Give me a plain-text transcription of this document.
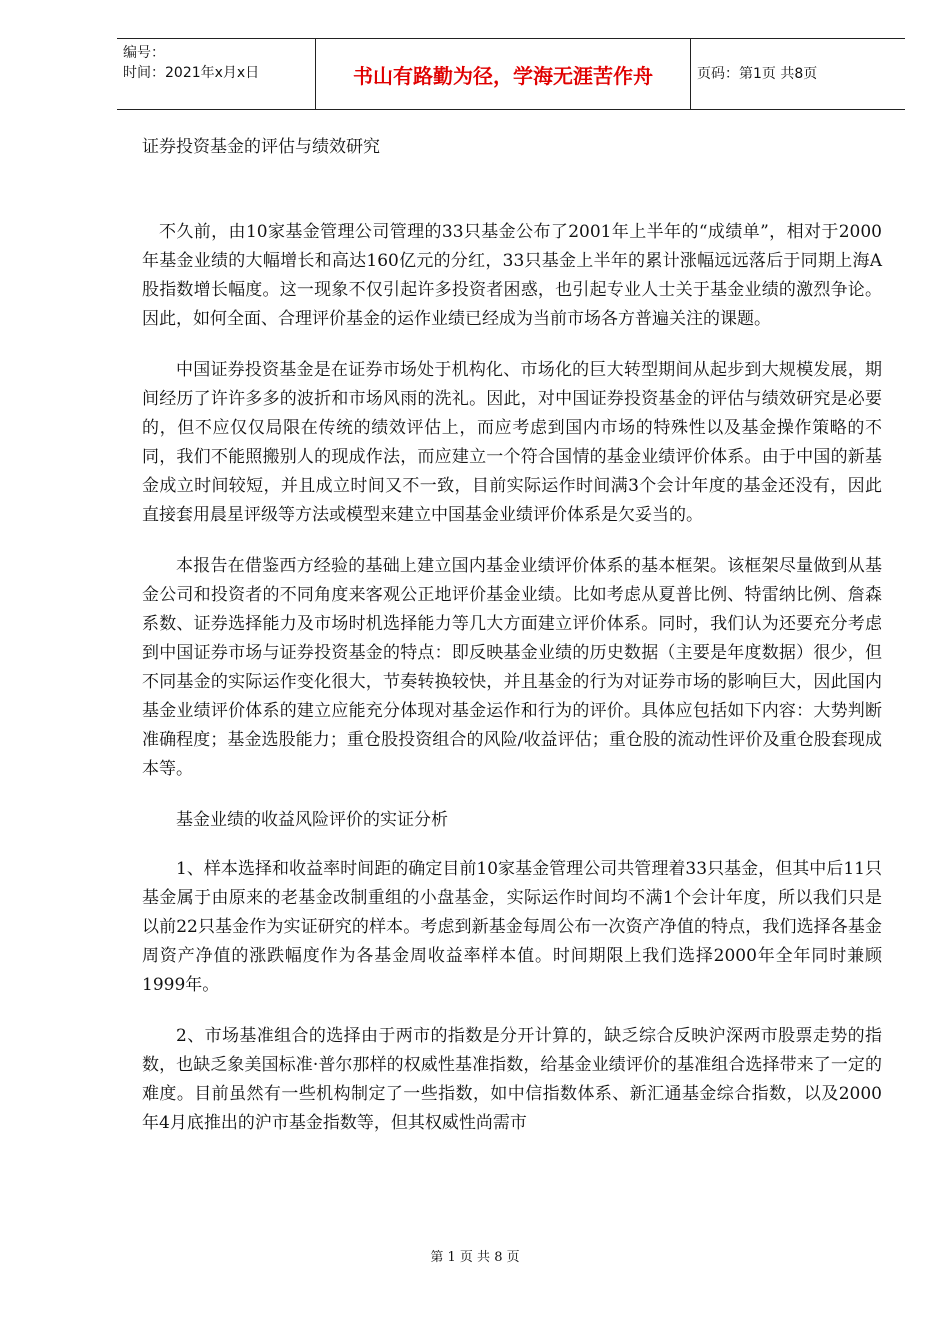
编号：
时间：2021年x月x日	书山有路勤为径，学海无涯苦作舟	页码：第1页 共8页
证券投资基金的评估与绩效研究

不久前，由10家基金管理公司管理的33只基金公布了2001年上半年的“成绩单”，相对于2000年基金业绩的大幅增长和高达160亿元的分红，33只基金上半年的累计涨幅远远落后于同期上海A股指数增长幅度。这一现象不仅引起许多投资者困惑，也引起专业人士关于基金业绩的激烈争论。因此，如何全面、合理评价基金的运作业绩已经成为当前市场各方普遍关注的课题。

中国证券投资基金是在证券市场处于机构化、市场化的巨大转型期间从起步到大规模发展，期间经历了许许多多的波折和市场风雨的洗礼。因此，对中国证券投资基金的评估与绩效研究是必要的，但不应仅仅局限在传统的绩效评估上，而应考虑到国内市场的特殊性以及基金操作策略的不同，我们不能照搬别人的现成作法，而应建立一个符合国情的基金业绩评价体系。由于中国的新基金成立时间较短，并且成立时间又不一致，目前实际运作时间满3个会计年度的基金还没有，因此直接套用晨星评级等方法或模型来建立中国基金业绩评价体系是欠妥当的。

本报告在借鉴西方经验的基础上建立国内基金业绩评价体系的基本框架。该框架尽量做到从基金公司和投资者的不同角度来客观公正地评价基金业绩。比如考虑从夏普比例、特雷纳比例、詹森系数、证券选择能力及市场时机选择能力等几大方面建立评价体系。同时，我们认为还要充分考虑到中国证券市场与证券投资基金的特点：即反映基金业绩的历史数据（主要是年度数据）很少，但不同基金的实际运作变化很大，节奏转换较快，并且基金的行为对证券市场的影响巨大，因此国内基金业绩评价体系的建立应能充分体现对基金运作和行为的评价。具体应包括如下内容：大势判断准确程度；基金选股能力；重仓股投资组合的风险/收益评估；重仓股的流动性评价及重仓股套现成本等。

基金业绩的收益风险评价的实证分析

1、样本选择和收益率时间距的确定目前10家基金管理公司共管理着33只基金，但其中后11只基金属于由原来的老基金改制重组的小盘基金，实际运作时间均不满1个会计年度，所以我们只是以前22只基金作为实证研究的样本。考虑到新基金每周公布一次资产净值的特点，我们选择各基金周资产净值的涨跌幅度作为各基金周收益率样本值。时间期限上我们选择2000年全年同时兼顾1999年。

2、市场基准组合的选择由于两市的指数是分开计算的，缺乏综合反映沪深两市股票走势的指数，也缺乏象美国标准·普尔那样的权威性基准指数，给基金业绩评价的基准组合选择带来了一定的难度。目前虽然有一些机构制定了一些指数，如中信指数体系、新汇通基金综合指数，以及2000年4月底推出的沪市基金指数等，但其权威性尚需市

第 1 页 共 8 页
